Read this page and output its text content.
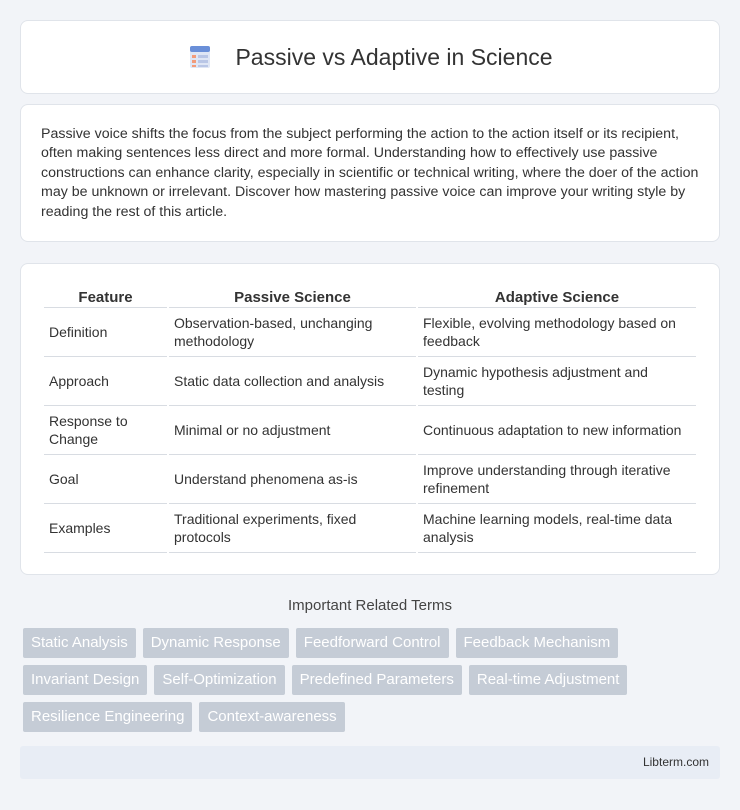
Passive vs Adaptive in Science

Passive voice shifts the focus from the subject performing the action to the action itself or its recipient, often making sentences less direct and more formal. Understanding how to effectively use passive constructions can enhance clarity, especially in scientific or technical writing, where the doer of the action may be unknown or irrelevant. Discover how mastering passive voice can improve your writing style by reading the rest of this article.

Feature	Passive Science	Adaptive Science
Definition	Observation-based, unchanging methodology	Flexible, evolving methodology based on feedback
Approach	Static data collection and analysis	Dynamic hypothesis adjustment and testing
Response to Change	Minimal or no adjustment	Continuous adaptation to new information
Goal	Understand phenomena as-is	Improve understanding through iterative refinement
Examples	Traditional experiments, fixed protocols	Machine learning models, real-time data analysis
Important Related Terms
Static Analysis	Dynamic Response	Feedforward Control	Feedback Mechanism
Invariant Design	Self-Optimization	Predefined Parameters	Real-time Adjustment
Resilience Engineering	Context-awareness
Libterm.com
